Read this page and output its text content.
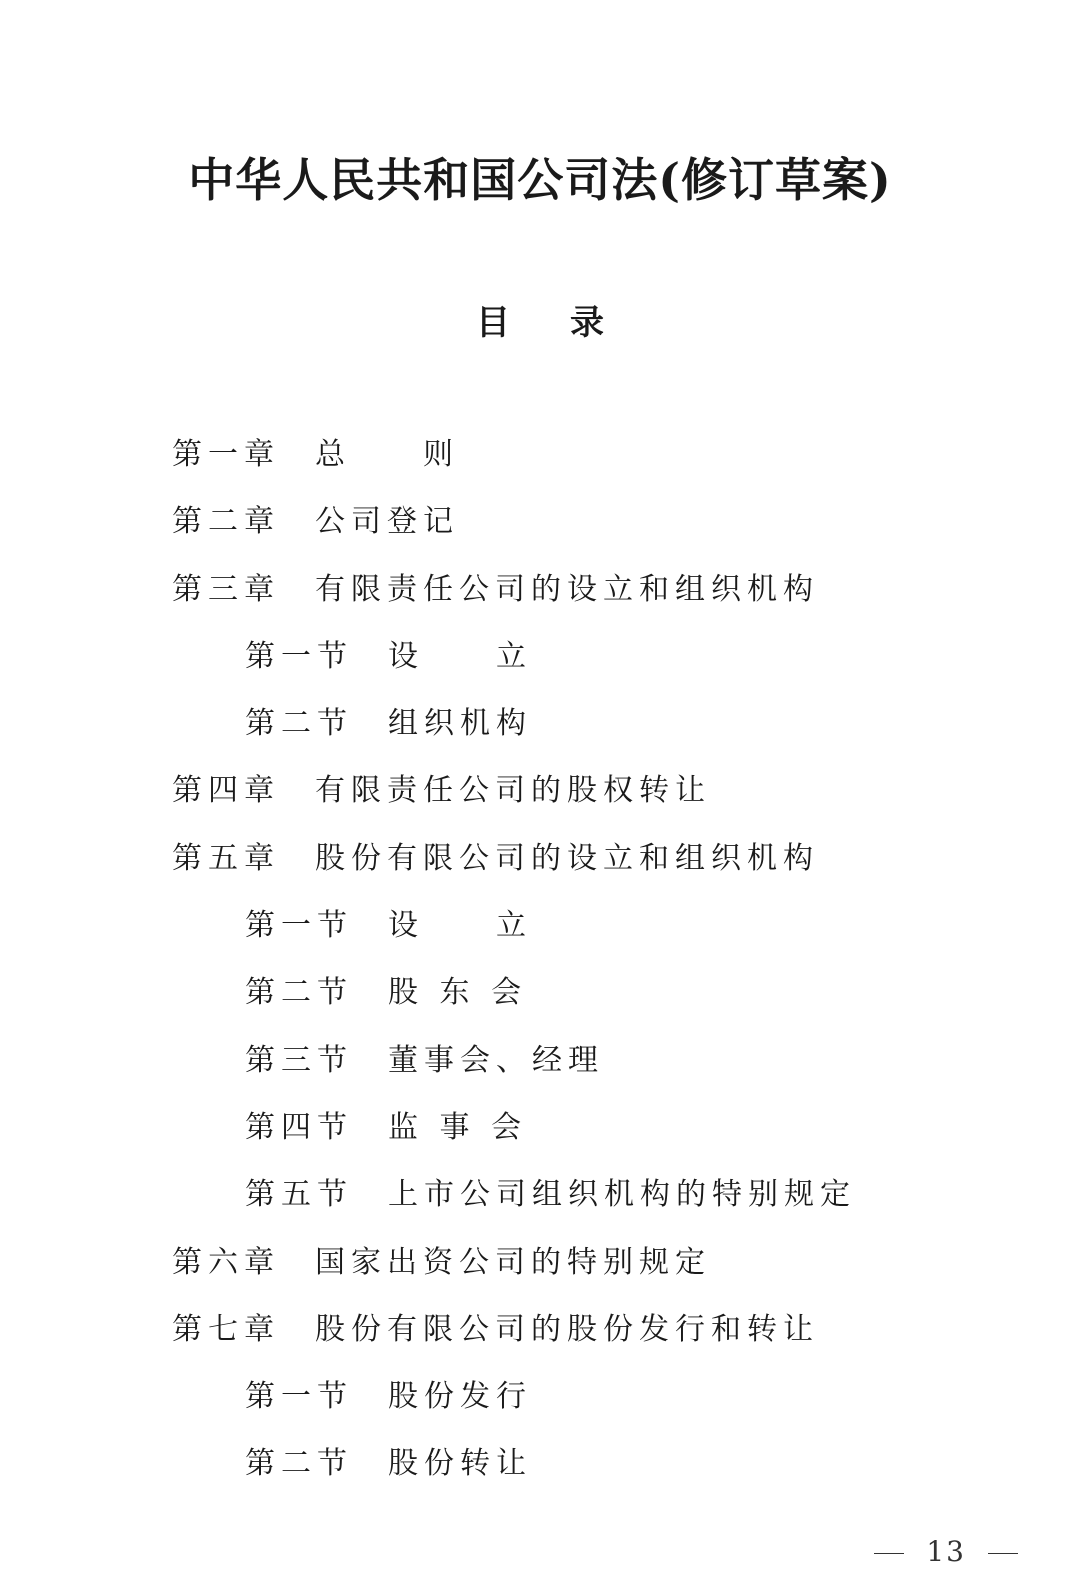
中华人民共和国公司法(修订草案)
目录
第一章	总　　则
第二章	公司登记
第三章	有限责任公司的设立和组织机构
第一节	设　　立
第二节	组织机构
第四章	有限责任公司的股权转让
第五章	股份有限公司的设立和组织机构
第一节	设　　立
第二节	股 东 会
第三节	董事会、经理
第四节	监 事 会
第五节	上市公司组织机构的特别规定
第六章	国家出资公司的特别规定
第七章	股份有限公司的股份发行和转让
第一节	股份发行
第二节	股份转让
13
